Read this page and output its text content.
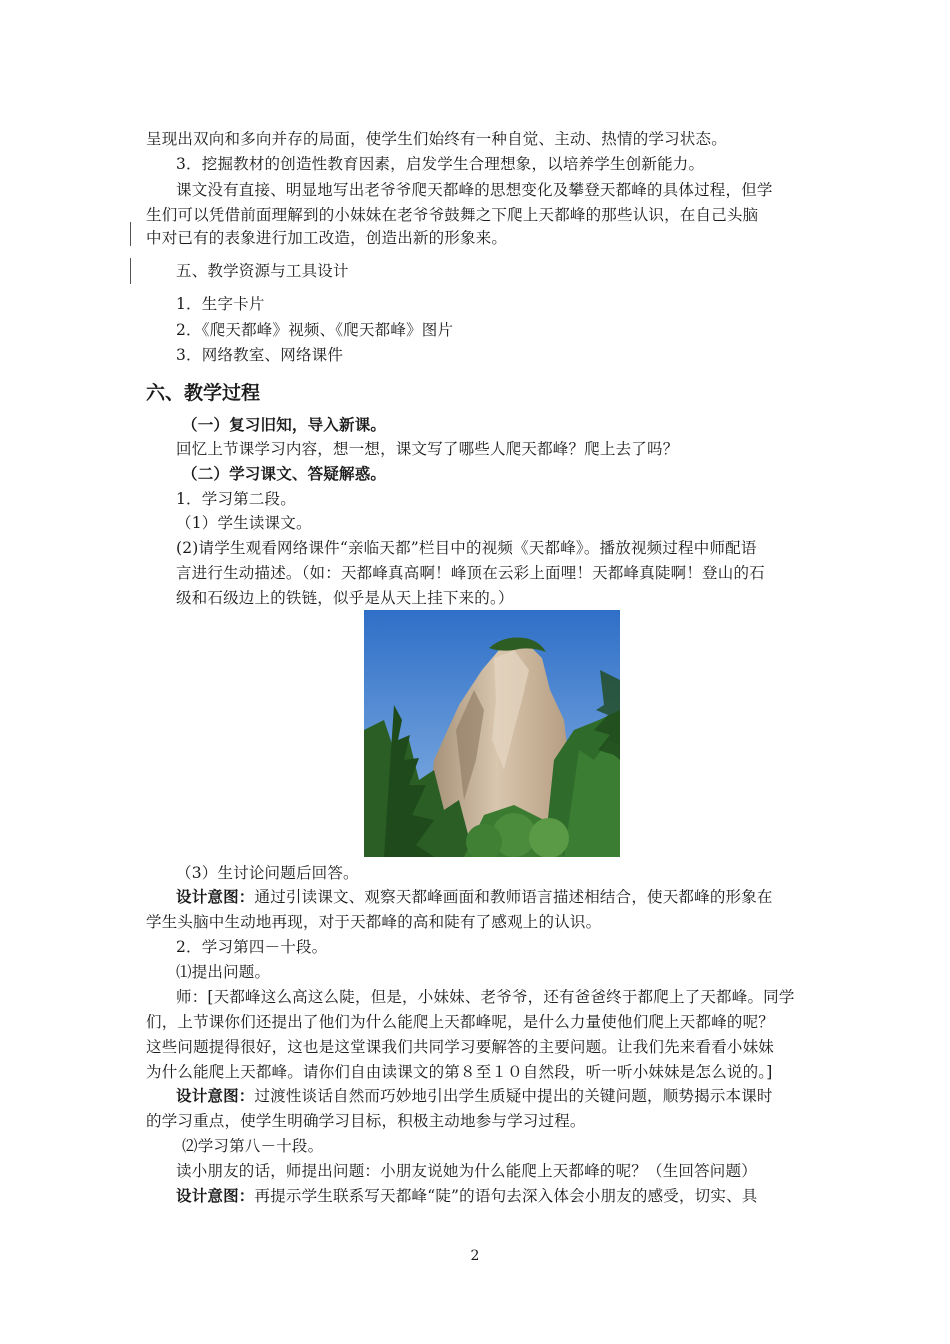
呈现出双向和多向并存的局面，使学生们始终有一种自觉、主动、热情的学习状态。
3．挖掘教材的创造性教育因素，启发学生合理想象，以培养学生创新能力。
课文没有直接、明显地写出老爷爷爬天都峰的思想变化及攀登天都峰的具体过程，但学
生们可以凭借前面理解到的小妹妹在老爷爷鼓舞之下爬上天都峰的那些认识，在自己头脑
中对已有的表象进行加工改造，创造出新的形象来。
五、教学资源与工具设计
1．生字卡片
2．《爬天都峰》视频、《爬天都峰》图片
3．网络教室、网络课件
六、教学过程
（一）复习旧知，导入新课。
回忆上节课学习内容，想一想，课文写了哪些人爬天都峰？爬上去了吗？
（二）学习课文、答疑解惑。
1．学习第二段。
（1）学生读课文。
(2)请学生观看网络课件“亲临天都”栏目中的视频《天都峰》。播放视频过程中师配语
言进行生动描述。（如：天都峰真高啊！峰顶在云彩上面哩！天都峰真陡啊！登山的石
级和石级边上的铁链，似乎是从天上挂下来的。）
（3）生讨论问题后回答。
设计意图：通过引读课文、观察天都峰画面和教师语言描述相结合，使天都峰的形象在
学生头脑中生动地再现，对于天都峰的高和陡有了感观上的认识。
2．学习第四－十段。
⑴提出问题。
师：[天都峰这么高这么陡，但是，小妹妹、老爷爷，还有爸爸终于都爬上了天都峰。同学
们，上节课你们还提出了他们为什么能爬上天都峰呢，是什么力量使他们爬上天都峰的呢？
这些问题提得很好，这也是这堂课我们共同学习要解答的主要问题。让我们先来看看小妹妹
为什么能爬上天都峰。请你们自由读课文的第８至１０自然段，听一听小妹妹是怎么说的。]
设计意图：过渡性谈话自然而巧妙地引出学生质疑中提出的关键问题，顺势揭示本课时
的学习重点，使学生明确学习目标，积极主动地参与学习过程。
⑵学习第八－十段。
读小朋友的话，师提出问题：小朋友说她为什么能爬上天都峰的呢？（生回答问题）
设计意图：再提示学生联系写天都峰“陡”的语句去深入体会小朋友的感受，切实、具
2
